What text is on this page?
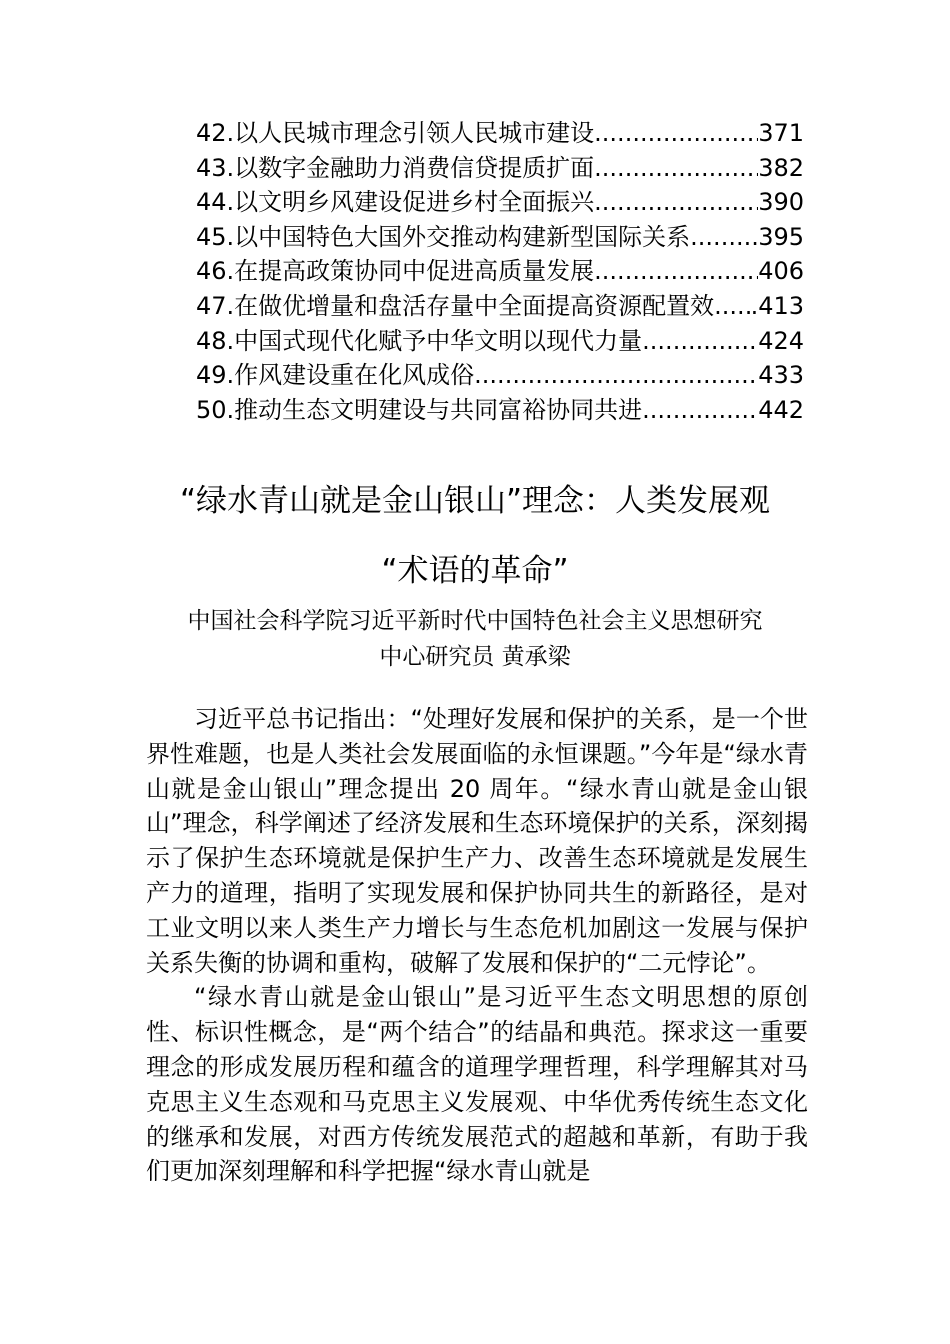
42.以人民城市理念引领人民城市建设 .....	371
43.以数字金融助力消费信贷提质扩面 .....	382
44.以文明乡风建设促进乡村全面振兴 .....	390
45.以中国特色大国外交推动构建新型国际关系 .....	395
46.在提高政策协同中促进高质量发展 .....	406
47.在做优增量和盘活存量中全面提高资源配置效 ..... .413
48.中国式现代化赋予中华文明以现代力量 .....	424
49.作风建设重在化风成俗 .....	433
50.推动生态文明建设与共同富裕协同共进 .....	442
“绿水青山就是金山银山”理念：人类发展观
“术语的革命”

中国社会科学院习近平新时代中国特色社会主义思想研究

中心研究员 黄承梁

习近平总书记指出：“处理好发展和保护的关系，是一个世界性难题，也是人类社会发展面临的永恒课题。”今年是“绿水青山就是金山银山”理念提出 20 周年。“绿水青山就是金山银山”理念，科学阐述了经济发展和生态环境保护的关系，深刻揭示了保护生态环境就是保护生产力、改善生态环境就是发展生产力的道理，指明了实现发展和保护协同共生的新路径，是对工业文明以来人类生产力增长与生态危机加剧这一发展与保护关系失衡的协调和重构，破解了发展和保护的“二元悖论”。

“绿水青山就是金山银山”是习近平生态文明思想的原创性、标识性概念，是“两个结合”的结晶和典范。探求这一重要理念的形成发展历程和蕴含的道理学理哲理，科学理解其对马克思主义生态观和马克思主义发展观、中华优秀传统生态文化的继承和发展，对西方传统发展范式的超越和革新，有助于我们更加深刻理解和科学把握“绿水青山就是
